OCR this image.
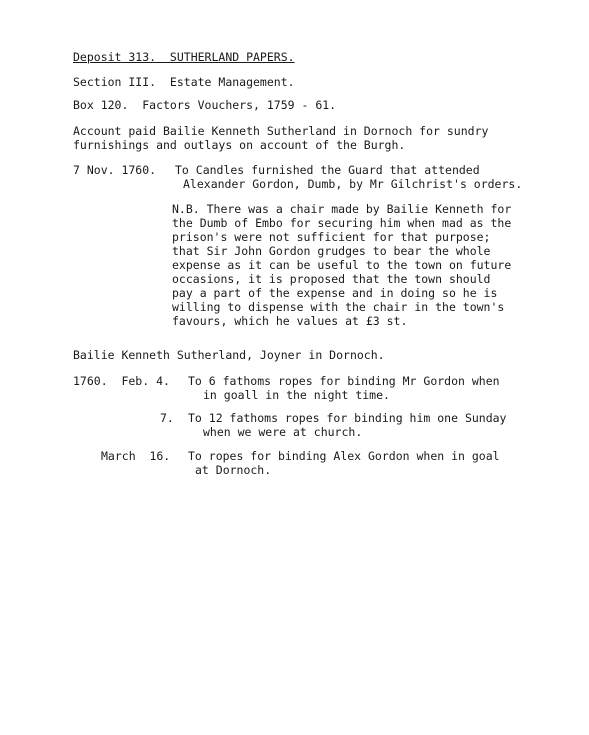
Deposit 313.  SUTHERLAND PAPERS.
Section III.  Estate Management.
Box 120.  Factors Vouchers, 1759 - 61.
Account paid Bailie Kenneth Sutherland in Dornoch for sundry
furnishings and outlays on account of the Burgh.
7 Nov. 1760. To Candles furnished the Guard that attended
Alexander Gordon, Dumb, by Mr Gilchrist's orders.
N.B. There was a chair made by Bailie Kenneth for
the Dumb of Embo for securing him when mad as the
prison's were not sufficient for that purpose;
that Sir John Gordon grudges to bear the whole
expense as it can be useful to the town on future
occasions, it is proposed that the town should
pay a part of the expense and in doing so he is
willing to dispense with the chair in the town's
favours, which he values at £3 st.
Bailie Kenneth Sutherland, Joyner in Dornoch.
1760.  Feb. 4. To 6 fathoms ropes for binding Mr Gordon when
in goall in the night time.
7. To 12 fathoms ropes for binding him one Sunday
when we were at church.
March  16. To ropes for binding Alex Gordon when in goal
at Dornoch.
